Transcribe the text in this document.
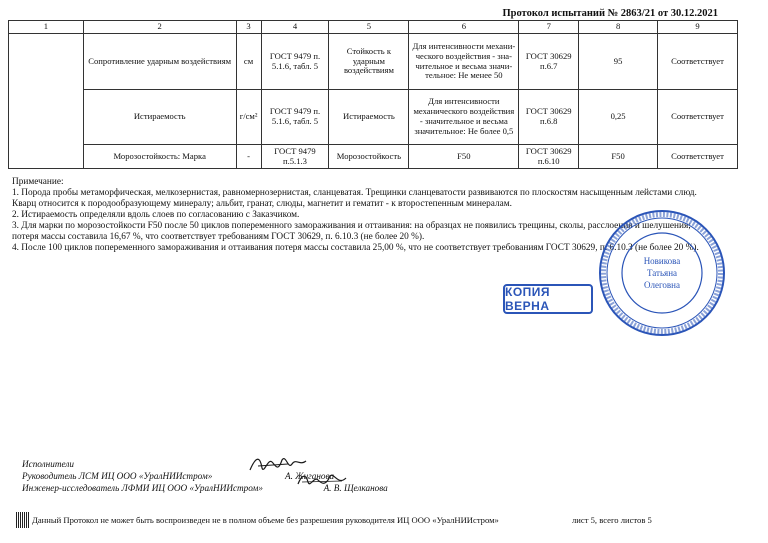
Протокол испытаний № 2863/21 от 30.12.2021
1	2	3	4	5	6	7	8	9
	Сопротивление ударным воздействиям	см	ГОСТ 9479 п. 5.1.6, табл. 5	Стойкость к ударным воздействиям	Для интенсивности механи-ческого воздействия - зна-чительное и весьма значи-тельное: Не менее 50	ГОСТ 30629 п.6.7	95	Соответствует
	Истираемость	г/см²	ГОСТ 9479 п. 5.1.6, табл. 5	Истираемость	Для интенсивности механического воздействия - значительное и весьма значительное: Не более 0,5	ГОСТ 30629 п.6.8	0,25	Соответствует
	Морозостойкость: Марка	-	ГОСТ 9479 п.5.1.3	Морозостойкость	F50	ГОСТ 30629 п.6.10	F50	Соответствует

Примечание:

1. Порода пробы метаморфическая, мелкозернистая, равномернозернистая, сланцеватая. Трещинки сланцеватости развиваются по плоскостям насыщенным лейстами слюд. Кварц относится к породообразующему минералу; альбит, гранат, слюды, магнетит и гематит - к второстепенным минералам.

2. Истираемость определяли вдоль слоев по согласованию с Заказчиком.

3. Для марки по морозостойкости F50 после 50 циклов попеременного замораживания и оттаивания: на образцах не появились трещины, сколы, расслоения и шелушения; потеря массы составила 16,67 %, что соответствует требованиям ГОСТ 30629, п. 6.10.3 (не более 20 %).

4. После 100 циклов попеременного замораживания и оттаивания потеря массы составила 25,00 %, что не соответствует требованиям ГОСТ 30629, п. 6.10.3 (не более 20 %).

Новикова
Татьяна
Олеговна
КОПИЯ ВЕРНА
Исполнители
Руководитель ЛСМ ИЦ ООО «УралНИИстром»	А. Жиганова
Инженер-исследователь ЛФМИ ИЦ ООО «УралНИИстром»	А. В. Щелканова
Данный Протокол не может быть воспроизведен не в полном объеме без разрешения руководителя ИЦ ООО «УралНИИстром»	лист 5, всего листов 5
